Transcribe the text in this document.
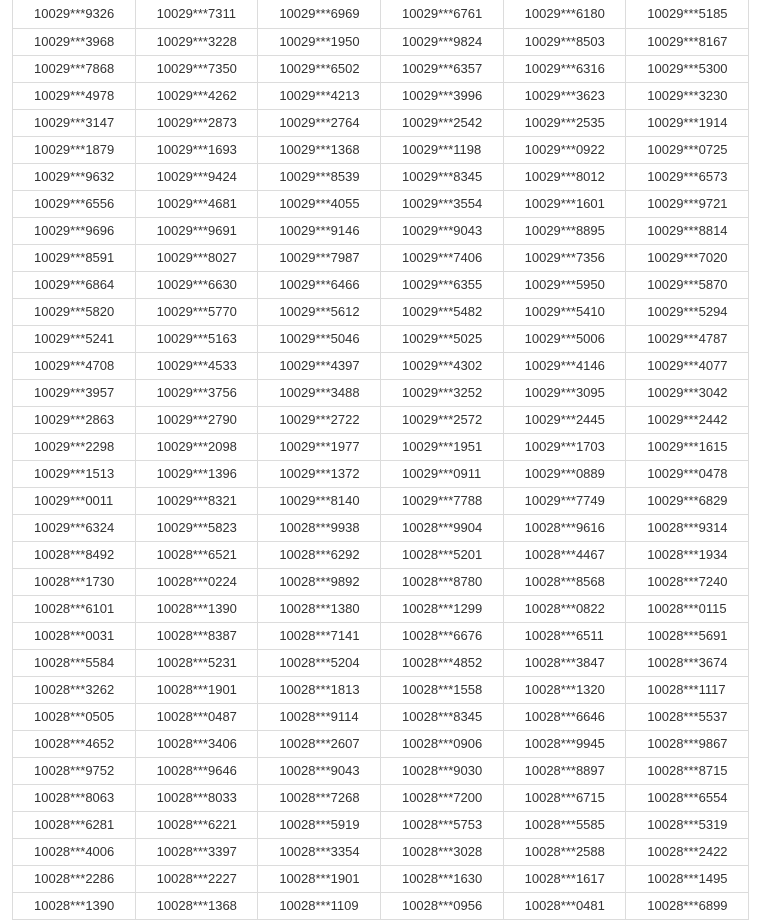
10029***9326	10029***7311	10029***6969	10029***6761	10029***6180	10029***5185
10029***3968	10029***3228	10029***1950	10029***9824	10029***8503	10029***8167
10029***7868	10029***7350	10029***6502	10029***6357	10029***6316	10029***5300
10029***4978	10029***4262	10029***4213	10029***3996	10029***3623	10029***3230
10029***3147	10029***2873	10029***2764	10029***2542	10029***2535	10029***1914
10029***1879	10029***1693	10029***1368	10029***1198	10029***0922	10029***0725
10029***9632	10029***9424	10029***8539	10029***8345	10029***8012	10029***6573
10029***6556	10029***4681	10029***4055	10029***3554	10029***1601	10029***9721
10029***9696	10029***9691	10029***9146	10029***9043	10029***8895	10029***8814
10029***8591	10029***8027	10029***7987	10029***7406	10029***7356	10029***7020
10029***6864	10029***6630	10029***6466	10029***6355	10029***5950	10029***5870
10029***5820	10029***5770	10029***5612	10029***5482	10029***5410	10029***5294
10029***5241	10029***5163	10029***5046	10029***5025	10029***5006	10029***4787
10029***4708	10029***4533	10029***4397	10029***4302	10029***4146	10029***4077
10029***3957	10029***3756	10029***3488	10029***3252	10029***3095	10029***3042
10029***2863	10029***2790	10029***2722	10029***2572	10029***2445	10029***2442
10029***2298	10029***2098	10029***1977	10029***1951	10029***1703	10029***1615
10029***1513	10029***1396	10029***1372	10029***0911	10029***0889	10029***0478
10029***0011	10029***8321	10029***8140	10029***7788	10029***7749	10029***6829
10029***6324	10029***5823	10028***9938	10028***9904	10028***9616	10028***9314
10028***8492	10028***6521	10028***6292	10028***5201	10028***4467	10028***1934
10028***1730	10028***0224	10028***9892	10028***8780	10028***8568	10028***7240
10028***6101	10028***1390	10028***1380	10028***1299	10028***0822	10028***0115
10028***0031	10028***8387	10028***7141	10028***6676	10028***6511	10028***5691
10028***5584	10028***5231	10028***5204	10028***4852	10028***3847	10028***3674
10028***3262	10028***1901	10028***1813	10028***1558	10028***1320	10028***1117
10028***0505	10028***0487	10028***9114	10028***8345	10028***6646	10028***5537
10028***4652	10028***3406	10028***2607	10028***0906	10028***9945	10028***9867
10028***9752	10028***9646	10028***9043	10028***9030	10028***8897	10028***8715
10028***8063	10028***8033	10028***7268	10028***7200	10028***6715	10028***6554
10028***6281	10028***6221	10028***5919	10028***5753	10028***5585	10028***5319
10028***4006	10028***3397	10028***3354	10028***3028	10028***2588	10028***2422
10028***2286	10028***2227	10028***1901	10028***1630	10028***1617	10028***1495
10028***1390	10028***1368	10028***1109	10028***0956	10028***0481	10028***6899
